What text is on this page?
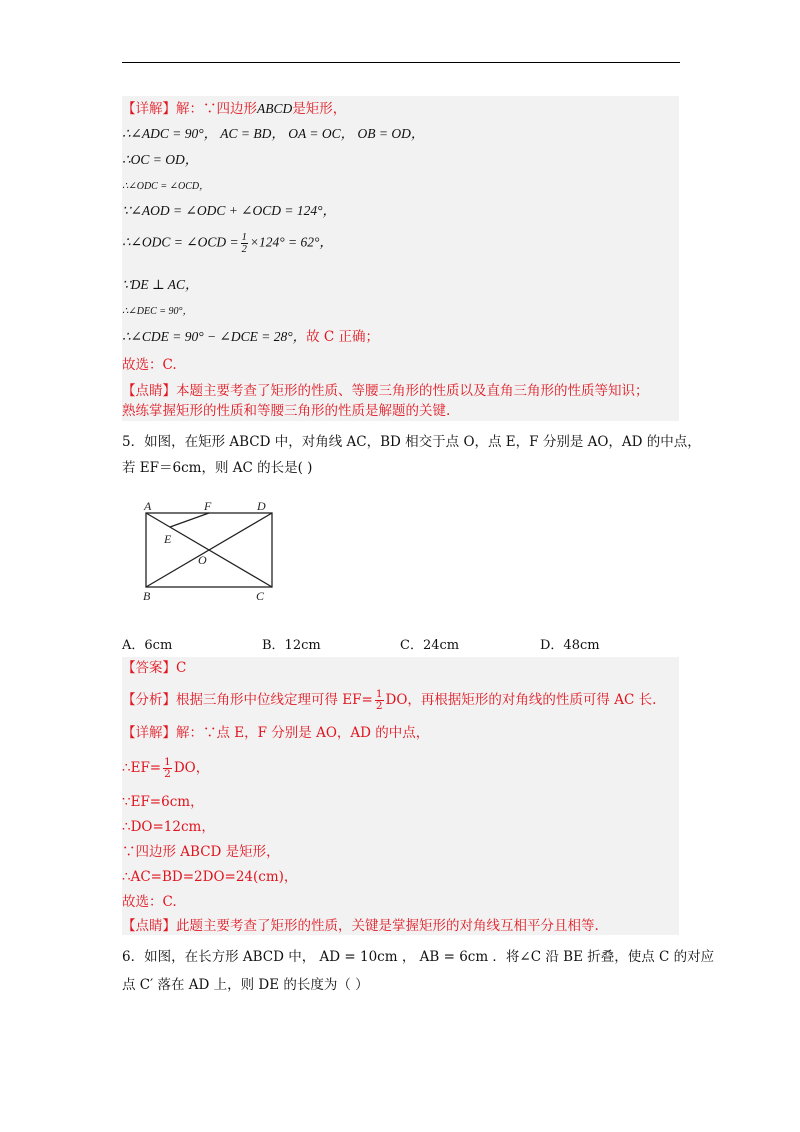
【详解】解：∵四边形ABCD是矩形，
∴∠ADC = 90°， AC = BD， OA = OC， OB = OD，
∴OC = OD，
∴∠ODC = ∠OCD，
∵∠AOD = ∠ODC + ∠OCD = 124°，
∴∠ODC = ∠OCD = $\frac{1}{2} \times 124^\circ = 62^\circ$，
∵DE ⊥ AC，
∴∠DEC = 90°，
∴∠CDE = 90° − ∠DCE = 28°，故 C 正确；
故选：C.
【点睛】本题主要考查了矩形的性质、等腰三角形的性质以及直角三角形的性质等知识；
熟练掌握矩形的性质和等腰三角形的性质是解题的关键.
5．如图，在矩形 ABCD 中，对角线 AC，BD 相交于点 O，点 E，F 分别是 AO，AD 的中点，
若 EF＝6cm，则 AC 的长是( )
A	F	D
E
O
B	C
A．6cm	B．12cm	C．24cm	D．48cm
【答案】C
【分析】根据三角形中位线定理可得 $EF= \frac{1}{2}$ DO，再根据矩形的对角线的性质可得 AC 长.
【详解】解：∵点 E，F 分别是 AO，AD 的中点，
∴EF= $\frac{1}{2}$ DO，
∵EF=6cm，
∴DO=12cm，
∵四边形 ABCD 是矩形，
∴AC=BD=2DO=24(cm)，
故选：C.
【点睛】此题主要考查了矩形的性质，关键是掌握矩形的对角线互相平分且相等.
6．如图，在长方形 ABCD 中， AD = 10cm ， AB = 6cm ．将∠C 沿 BE 折叠，使点 C 的对应
点 C′ 落在 AD 上，则 DE 的长度为（ ）
